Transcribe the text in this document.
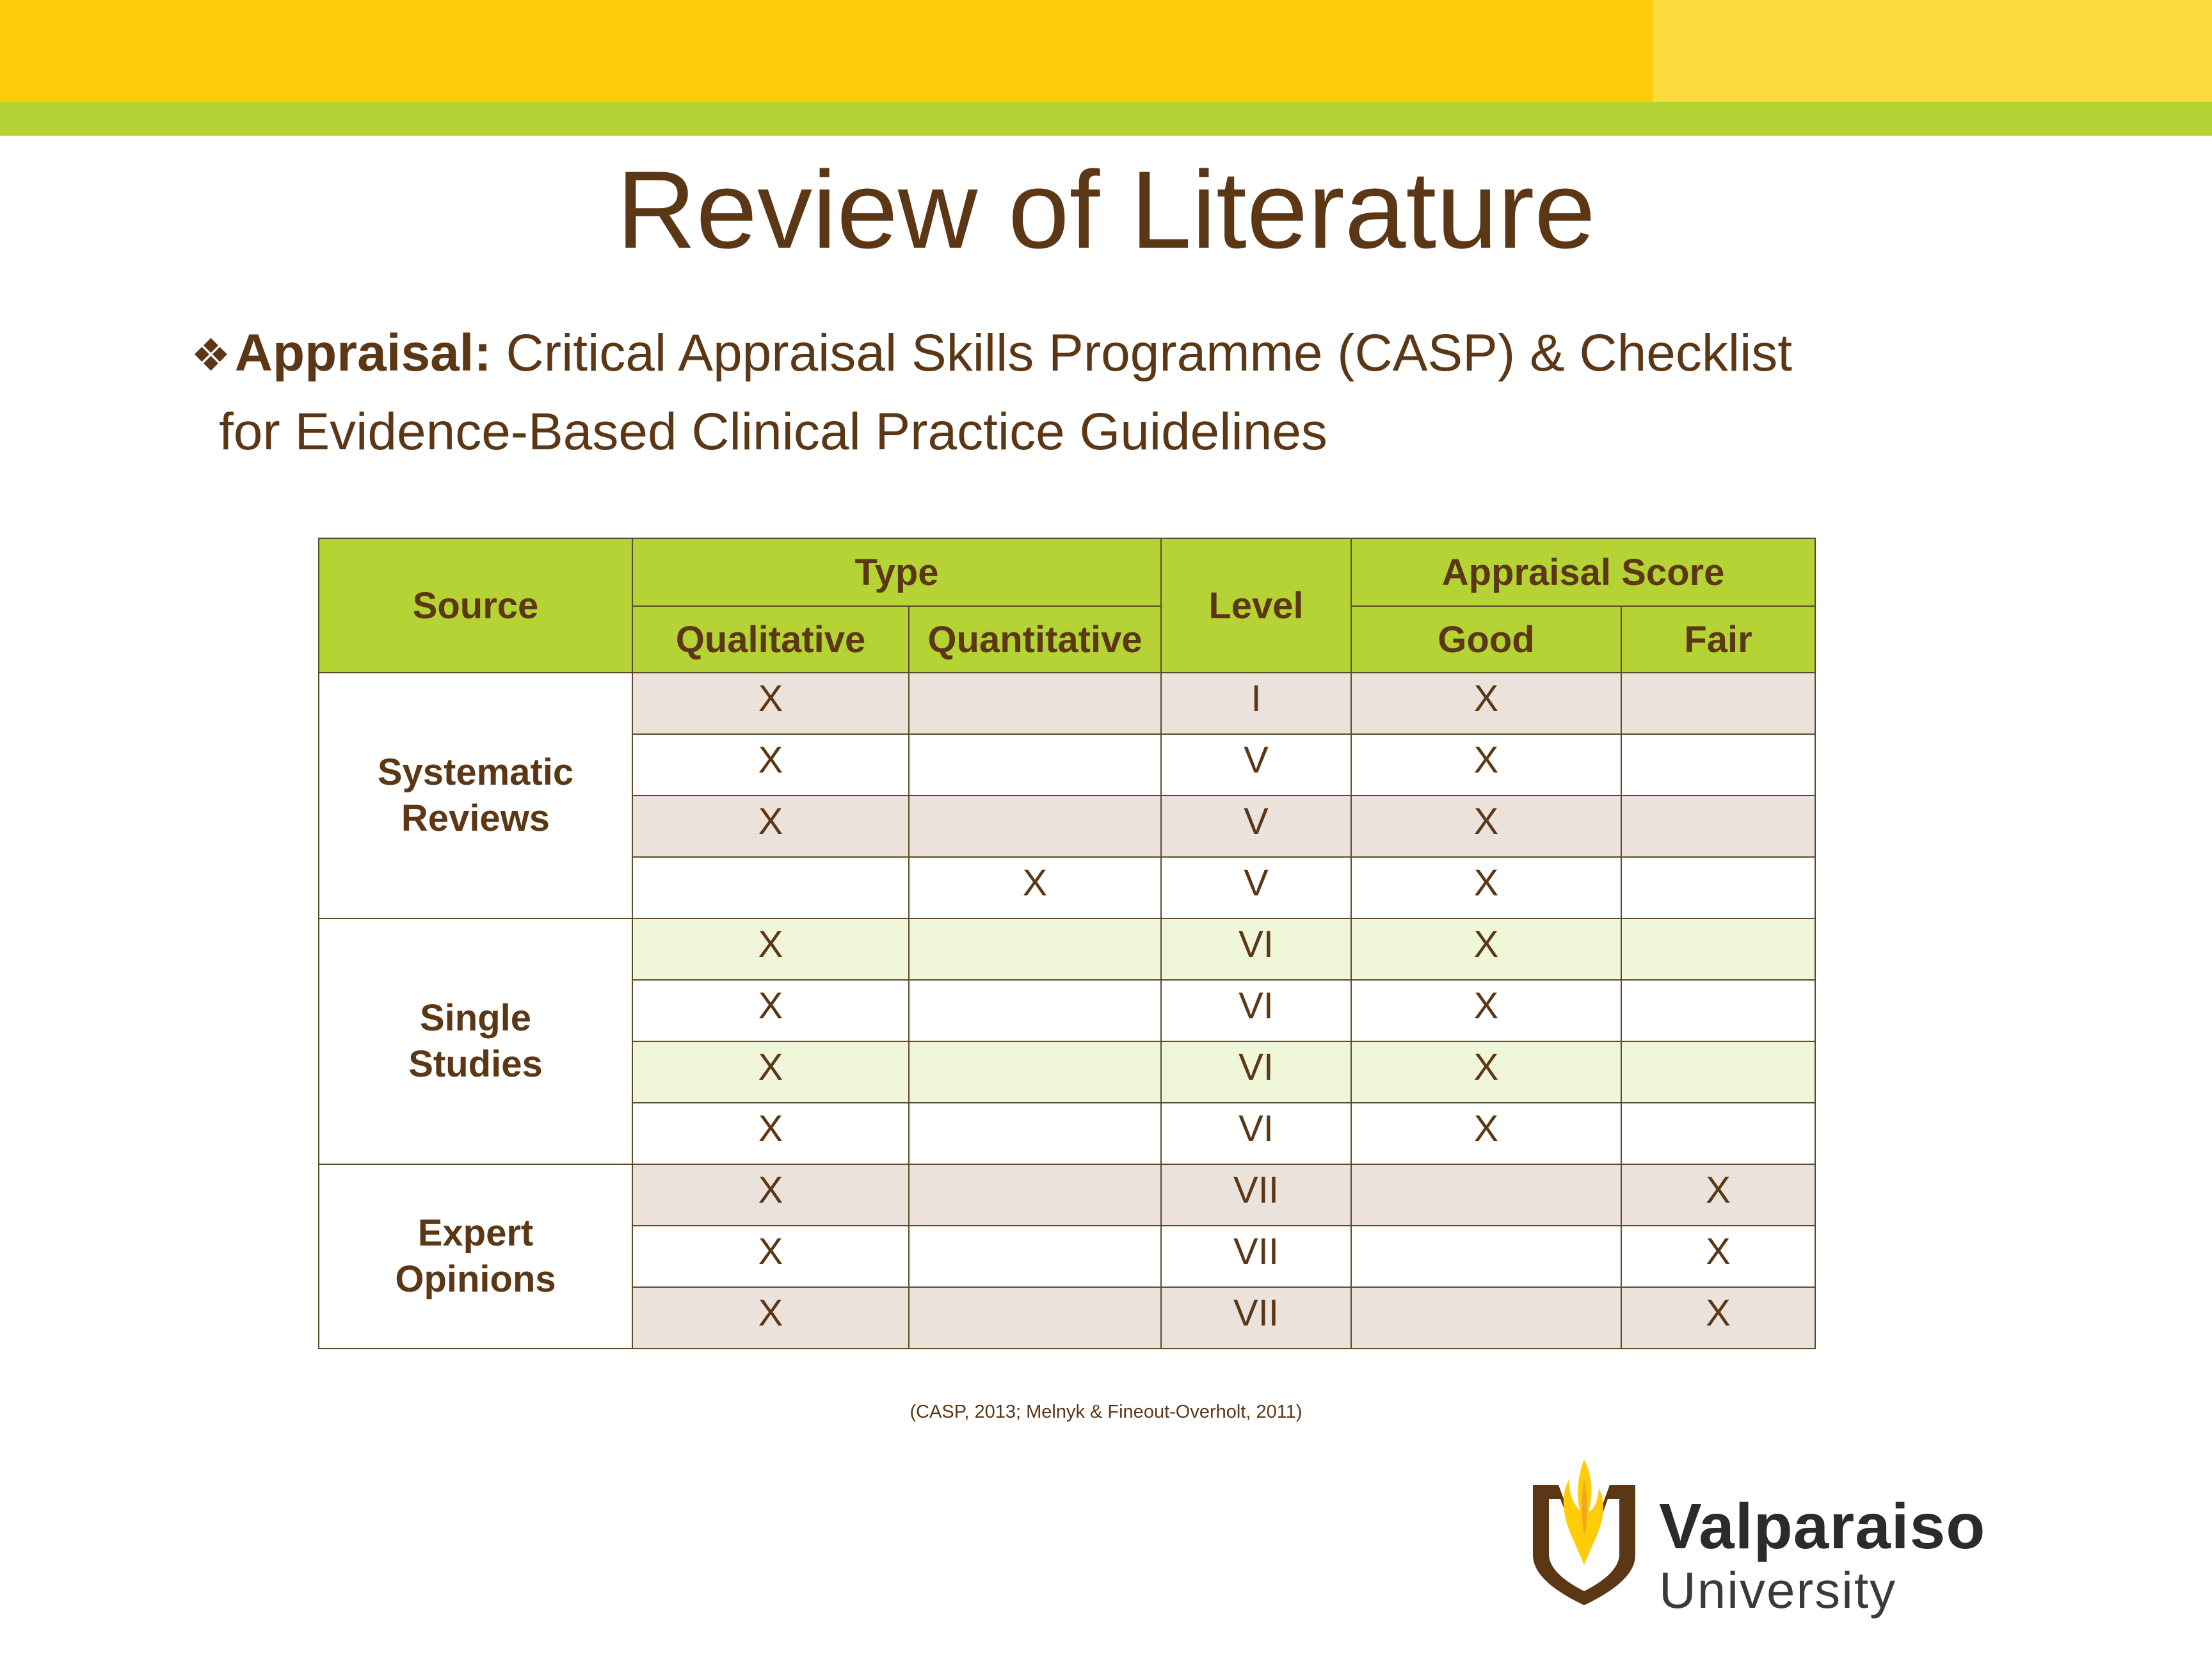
Review of Literature
❖Appraisal: Critical Appraisal Skills Programme (CASP) & Checklist
for Evidence-Based Clinical Practice Guidelines
Source	Type		Level	Appraisal Score	
	Qualitative	Quantitative		Good	Fair
Systematic
Reviews	X		I	X	
	X		V	X	
	X		V	X	
		X	V	X	
Single
Studies	X		VI	X	
	X		VI	X	
	X		VI	X	
	X		VI	X	
Expert
Opinions	X		VII		X
	X		VII		X
	X		VII		X
(CASP, 2013; Melnyk & Fineout-Overholt, 2011)
Valparaiso
University
